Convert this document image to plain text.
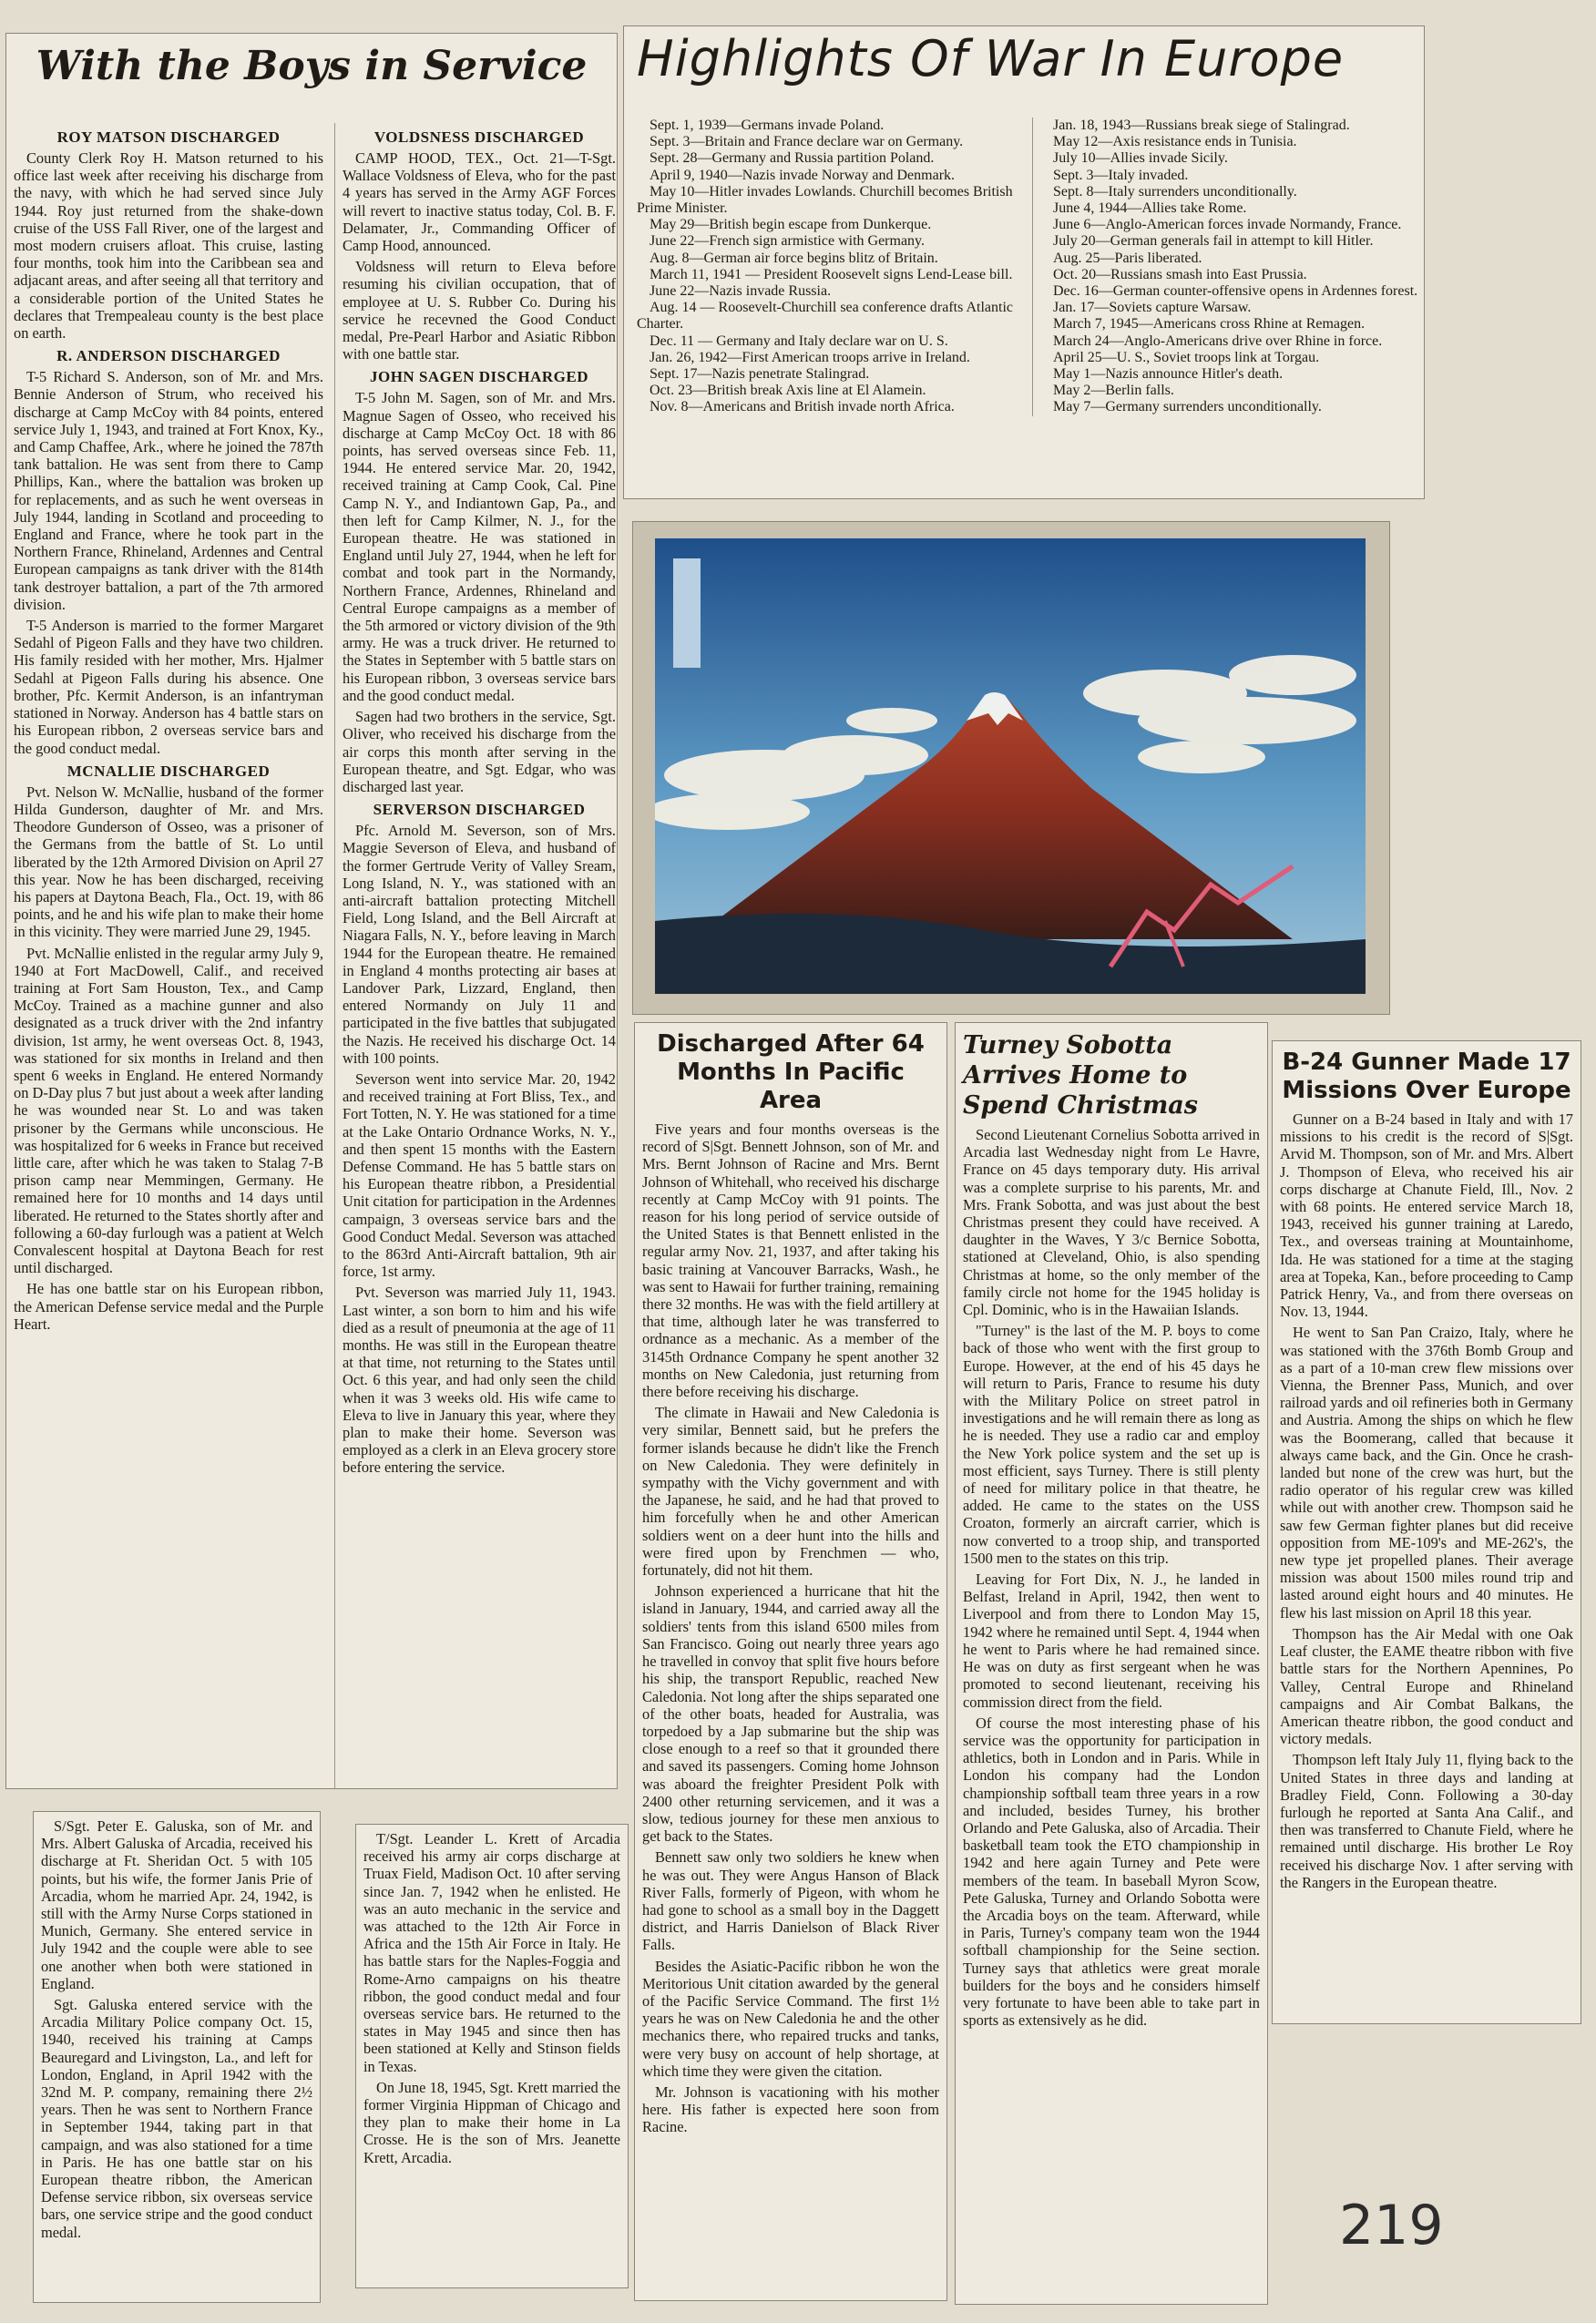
With the Boys in Service
ROY MATSON DISCHARGED

County Clerk Roy H. Matson returned to his office last week after receiving his discharge from the navy, with which he had served since July 1944. Roy just returned from the shake-down cruise of the USS Fall River, one of the largest and most modern cruisers afloat. This cruise, lasting four months, took him into the Caribbean sea and adjacant areas, and after seeing all that territory and a considerable portion of the United States he declares that Trempealeau county is the best place on earth.

R. ANDERSON DISCHARGED

T-5 Richard S. Anderson, son of Mr. and Mrs. Bennie Anderson of Strum, who received his discharge at Camp McCoy with 84 points, entered service July 1, 1943, and trained at Fort Knox, Ky., and Camp Chaffee, Ark., where he joined the 787th tank battalion. He was sent from there to Camp Phillips, Kan., where the battalion was broken up for replacements, and as such he went overseas in July 1944, landing in Scotland and proceeding to England and France, where he took part in the Northern France, Rhineland, Ardennes and Central European campaigns as tank driver with the 814th tank destroyer battalion, a part of the 7th armored division.

T-5 Anderson is married to the former Margaret Sedahl of Pigeon Falls and they have two children. His family resided with her mother, Mrs. Hjalmer Sedahl at Pigeon Falls during his absence. One brother, Pfc. Kermit Anderson, is an infantryman stationed in Norway. Anderson has 4 battle stars on his European ribbon, 2 overseas service bars and the good conduct medal.

MCNALLIE DISCHARGED

Pvt. Nelson W. McNallie, husband of the former Hilda Gunderson, daughter of Mr. and Mrs. Theodore Gunderson of Osseo, was a prisoner of the Germans from the battle of St. Lo until liberated by the 12th Armored Division on April 27 this year. Now he has been discharged, receiving his papers at Daytona Beach, Fla., Oct. 19, with 86 points, and he and his wife plan to make their home in this vicinity. They were married June 29, 1945.

Pvt. McNallie enlisted in the regular army July 9, 1940 at Fort MacDowell, Calif., and received training at Fort Sam Houston, Tex., and Camp McCoy. Trained as a machine gunner and also designated as a truck driver with the 2nd infantry division, 1st army, he went overseas Oct. 8, 1943, was stationed for six months in Ireland and then spent 6 weeks in England. He entered Normandy on D-Day plus 7 but just about a week after landing he was wounded near St. Lo and was taken prisoner by the Germans while unconscious. He was hospitalized for 6 weeks in France but received little care, after which he was taken to Stalag 7-B prison camp near Memmingen, Germany. He remained here for 10 months and 14 days until liberated. He returned to the States shortly after and following a 60-day furlough was a patient at Welch Convalescent hospital at Daytona Beach for rest until discharged.

He has one battle star on his European ribbon, the American Defense service medal and the Purple Heart.

VOLDSNESS DISCHARGED

CAMP HOOD, TEX., Oct. 21—T-Sgt. Wallace Voldsness of Eleva, who for the past 4 years has served in the Army AGF Forces will revert to inactive status today, Col. B. F. Delamater, Jr., Commanding Officer of Camp Hood, announced.

Voldsness will return to Eleva before resuming his civilian occupation, that of employee at U. S. Rubber Co. During his service he recevned the Good Conduct medal, Pre-Pearl Harbor and Asiatic Ribbon with one battle star.

JOHN SAGEN DISCHARGED

T-5 John M. Sagen, son of Mr. and Mrs. Magnue Sagen of Osseo, who received his discharge at Camp McCoy Oct. 18 with 86 points, has served overseas since Feb. 11, 1944. He entered service Mar. 20, 1942, received training at Camp Cook, Cal. Pine Camp N. Y., and Indiantown Gap, Pa., and then left for Camp Kilmer, N. J., for the European theatre. He was stationed in England until July 27, 1944, when he left for combat and took part in the Normandy, Northern France, Ardennes, Rhineland and Central Europe campaigns as a member of the 5th armored or victory division of the 9th army. He was a truck driver. He returned to the States in September with 5 battle stars on his European ribbon, 3 overseas service bars and the good conduct medal.

Sagen had two brothers in the service, Sgt. Oliver, who received his discharge from the air corps this month after serving in the European theatre, and Sgt. Edgar, who was discharged last year.

SERVERSON DISCHARGED

Pfc. Arnold M. Severson, son of Mrs. Maggie Severson of Eleva, and husband of the former Gertrude Verity of Valley Sream, Long Island, N. Y., was stationed with an anti-aircraft battalion protecting Mitchell Field, Long Island, and the Bell Aircraft at Niagara Falls, N. Y., before leaving in March 1944 for the European theatre. He remained in England 4 months protecting air bases at Landover Park, Lizzard, England, then entered Normandy on July 11 and participated in the five battles that subjugated the Nazis. He received his discharge Oct. 14 with 100 points.

Severson went into service Mar. 20, 1942 and received training at Fort Bliss, Tex., and Fort Totten, N. Y. He was stationed for a time at the Lake Ontario Ordnance Works, N. Y., and then spent 15 months with the Eastern Defense Command. He has 5 battle stars on his European theatre ribbon, a Presidential Unit citation for participation in the Ardennes campaign, 3 overseas service bars and the Good Conduct Medal. Severson was attached to the 863rd Anti-Aircraft battalion, 9th air force, 1st army.

Pvt. Severson was married July 11, 1943. Last winter, a son born to him and his wife died as a result of pneumonia at the age of 11 months. He was still in the European theatre at that time, not returning to the States until Oct. 6 this year, and had only seen the child when it was 3 weeks old. His wife came to Eleva to live in January this year, where they plan to make their home. Severson was employed as a clerk in an Eleva grocery store before entering the service.

Highlights Of War In Europe
Sept. 1, 1939—Germans invade Poland.
Sept. 3—Britain and France declare war on Germany.
Sept. 28—Germany and Russia partition Poland.
April 9, 1940—Nazis invade Norway and Denmark.
May 10—Hitler invades Lowlands. Churchill becomes British Prime Minister.
May 29—British begin escape from Dunkerque.
June 22—French sign armistice with Germany.
Aug. 8—German air force begins blitz of Britain.
March 11, 1941 — President Roosevelt signs Lend-Lease bill.
June 22—Nazis invade Russia.
Aug. 14 — Roosevelt-Churchill sea conference drafts Atlantic Charter.
Dec. 11 — Germany and Italy declare war on U. S.
Jan. 26, 1942—First American troops arrive in Ireland.
Sept. 17—Nazis penetrate Stalingrad.
Oct. 23—British break Axis line at El Alamein.
Nov. 8—Americans and British invade north Africa.
Jan. 18, 1943—Russians break siege of Stalingrad.
May 12—Axis resistance ends in Tunisia.
July 10—Allies invade Sicily.
Sept. 3—Italy invaded.
Sept. 8—Italy surrenders unconditionally.
June 4, 1944—Allies take Rome.
June 6—Anglo-American forces invade Normandy, France.
July 20—German generals fail in attempt to kill Hitler.
Aug. 25—Paris liberated.
Oct. 20—Russians smash into East Prussia.
Dec. 16—German counter-offensive opens in Ardennes forest.
Jan. 17—Soviets capture Warsaw.
March 7, 1945—Americans cross Rhine at Remagen.
March 24—Anglo-Americans drive over Rhine in force.
April 25—U. S., Soviet troops link at Torgau.
May 1—Nazis announce Hitler's death.
May 2—Berlin falls.
May 7—Germany surrenders unconditionally.
Discharged After 64 Months In Pacific Area

Five years and four months overseas is the record of S|Sgt. Bennett Johnson, son of Mr. and Mrs. Bernt Johnson of Racine and Mrs. Bernt Johnson of Whitehall, who received his discharge recently at Camp McCoy with 91 points. The reason for his long period of service outside of the United States is that Bennett enlisted in the regular army Nov. 21, 1937, and after taking his basic training at Vancouver Barracks, Wash., he was sent to Hawaii for further training, remaining there 32 months. He was with the field artillery at that time, although later he was transferred to ordnance as a mechanic. As a member of the 3145th Ordnance Company he spent another 32 months on New Caledonia, just returning from there before receiving his discharge.

The climate in Hawaii and New Caledonia is very similar, Bennett said, but he prefers the former islands because he didn't like the French on New Caledonia. They were definitely in sympathy with the Vichy government and with the Japanese, he said, and he had that proved to him forcefully when he and other American soldiers went on a deer hunt into the hills and were fired upon by Frenchmen — who, fortunately, did not hit them.

Johnson experienced a hurricane that hit the island in January, 1944, and carried away all the soldiers' tents from this island 6500 miles from San Francisco. Going out nearly three years ago he travelled in convoy that split five hours before his ship, the transport Republic, reached New Caledonia. Not long after the ships separated one of the other boats, headed for Australia, was torpedoed by a Jap submarine but the ship was close enough to a reef so that it grounded there and saved its passengers. Coming home Johnson was aboard the freighter President Polk with 2400 other returning servicemen, and it was a slow, tedious journey for these men anxious to get back to the States.

Bennett saw only two soldiers he knew when he was out. They were Angus Hanson of Black River Falls, formerly of Pigeon, with whom he had gone to school as a small boy in the Daggett district, and Harris Danielson of Black River Falls.

Besides the Asiatic-Pacific ribbon he won the Meritorious Unit citation awarded by the general of the Pacific Service Command. The first 1½ years he was on New Caledonia he and the other mechanics there, who repaired trucks and tanks, were very busy on account of help shortage, at which time they were given the citation.

Mr. Johnson is vacationing with his mother here. His father is expected here soon from Racine.

Turney Sobotta Arrives Home to Spend Christmas

Second Lieutenant Cornelius Sobotta arrived in Arcadia last Wednesday night from Le Havre, France on 45 days temporary duty. His arrival was a complete surprise to his parents, Mr. and Mrs. Frank Sobotta, and was just about the best Christmas present they could have received. A daughter in the Waves, Y 3/c Bernice Sobotta, stationed at Cleveland, Ohio, is also spending Christmas at home, so the only member of the family circle not home for the 1945 holiday is Cpl. Dominic, who is in the Hawaiian Islands.

"Turney" is the last of the M. P. boys to come back of those who went with the first group to Europe. However, at the end of his 45 days he will return to Paris, France to resume his duty with the Military Police on street patrol in investigations and he will remain there as long as he is needed. They use a radio car and employ the New York police system and the set up is most efficient, says Turney. There is still plenty of need for military police in that theatre, he added. He came to the states on the USS Croaton, formerly an aircraft carrier, which is now converted to a troop ship, and transported 1500 men to the states on this trip.

Leaving for Fort Dix, N. J., he landed in Belfast, Ireland in April, 1942, then went to Liverpool and from there to London May 15, 1942 where he remained until Sept. 4, 1944 when he went to Paris where he had remained since. He was on duty as first sergeant when he was promoted to second lieutenant, receiving his commission direct from the field.

Of course the most interesting phase of his service was the opportunity for participation in athletics, both in London and in Paris. While in London his company had the London championship softball team three years in a row and included, besides Turney, his brother Orlando and Pete Galuska, also of Arcadia. Their basketball team took the ETO championship in 1942 and here again Turney and Pete were members of the team. In baseball Myron Scow, Pete Galuska, Turney and Orlando Sobotta were the Arcadia boys on the team. Afterward, while in Paris, Turney's company team won the 1944 softball championship for the Seine section. Turney says that athletics were great morale builders for the boys and he considers himself very fortunate to have been able to take part in sports as extensively as he did.

B-24 Gunner Made 17 Missions Over Europe

Gunner on a B-24 based in Italy and with 17 missions to his credit is the record of S|Sgt. Arvid M. Thompson, son of Mr. and Mrs. Albert J. Thompson of Eleva, who received his air corps discharge at Chanute Field, Ill., Nov. 2 with 68 points. He entered service March 18, 1943, received his gunner training at Laredo, Tex., and overseas training at Mountainhome, Ida. He was stationed for a time at the staging area at Topeka, Kan., before proceeding to Camp Patrick Henry, Va., and from there overseas on Nov. 13, 1944.

He went to San Pan Craizo, Italy, where he was stationed with the 376th Bomb Group and as a part of a 10-man crew flew missions over Vienna, the Brenner Pass, Munich, and over railroad yards and oil refineries both in Germany and Austria. Among the ships on which he flew was the Boomerang, called that because it always came back, and the Gin. Once he crash-landed but none of the crew was hurt, but the radio operator of his regular crew was killed while out with another crew. Thompson said he saw few German fighter planes but did receive opposition from ME-109's and ME-262's, the new type jet propelled planes. Their average mission was about 1500 miles round trip and lasted around eight hours and 40 minutes. He flew his last mission on April 18 this year.

Thompson has the Air Medal with one Oak Leaf cluster, the EAME theatre ribbon with five battle stars for the Northern Apennines, Po Valley, Central Europe and Rhineland campaigns and Air Combat Balkans, the American theatre ribbon, the good conduct and victory medals.

Thompson left Italy July 11, flying back to the United States in three days and landing at Bradley Field, Conn. Following a 30-day furlough he reported at Santa Ana Calif., and then was transferred to Chanute Field, where he remained until discharge. His brother Le Roy received his discharge Nov. 1 after serving with the Rangers in the European theatre.

S/Sgt. Peter E. Galuska, son of Mr. and Mrs. Albert Galuska of Arcadia, received his discharge at Ft. Sheridan Oct. 5 with 105 points, but his wife, the former Janis Prie of Arcadia, whom he married Apr. 24, 1942, is still with the Army Nurse Corps stationed in Munich, Germany. She entered service in July 1942 and the couple were able to see one another when both were stationed in England.

Sgt. Galuska entered service with the Arcadia Military Police company Oct. 15, 1940, received his training at Camps Beauregard and Livingston, La., and left for London, England, in April 1942 with the 32nd M. P. company, remaining there 2½ years. Then he was sent to Northern France in September 1944, taking part in that campaign, and was also stationed for a time in Paris. He has one battle star on his European theatre ribbon, the American Defense service ribbon, six overseas service bars, one service stripe and the good conduct medal.

T/Sgt. Leander L. Krett of Arcadia received his army air corps discharge at Truax Field, Madison Oct. 10 after serving since Jan. 7, 1942 when he enlisted. He was an auto mechanic in the service and was attached to the 12th Air Force in Africa and the 15th Air Force in Italy. He has battle stars for the Naples-Foggia and Rome-Arno campaigns on his theatre ribbon, the good conduct medal and four overseas service bars. He returned to the states in May 1945 and since then has been stationed at Kelly and Stinson fields in Texas.

On June 18, 1945, Sgt. Krett married the former Virginia Hippman of Chicago and they plan to make their home in La Crosse. He is the son of Mrs. Jeanette Krett, Arcadia.

219
